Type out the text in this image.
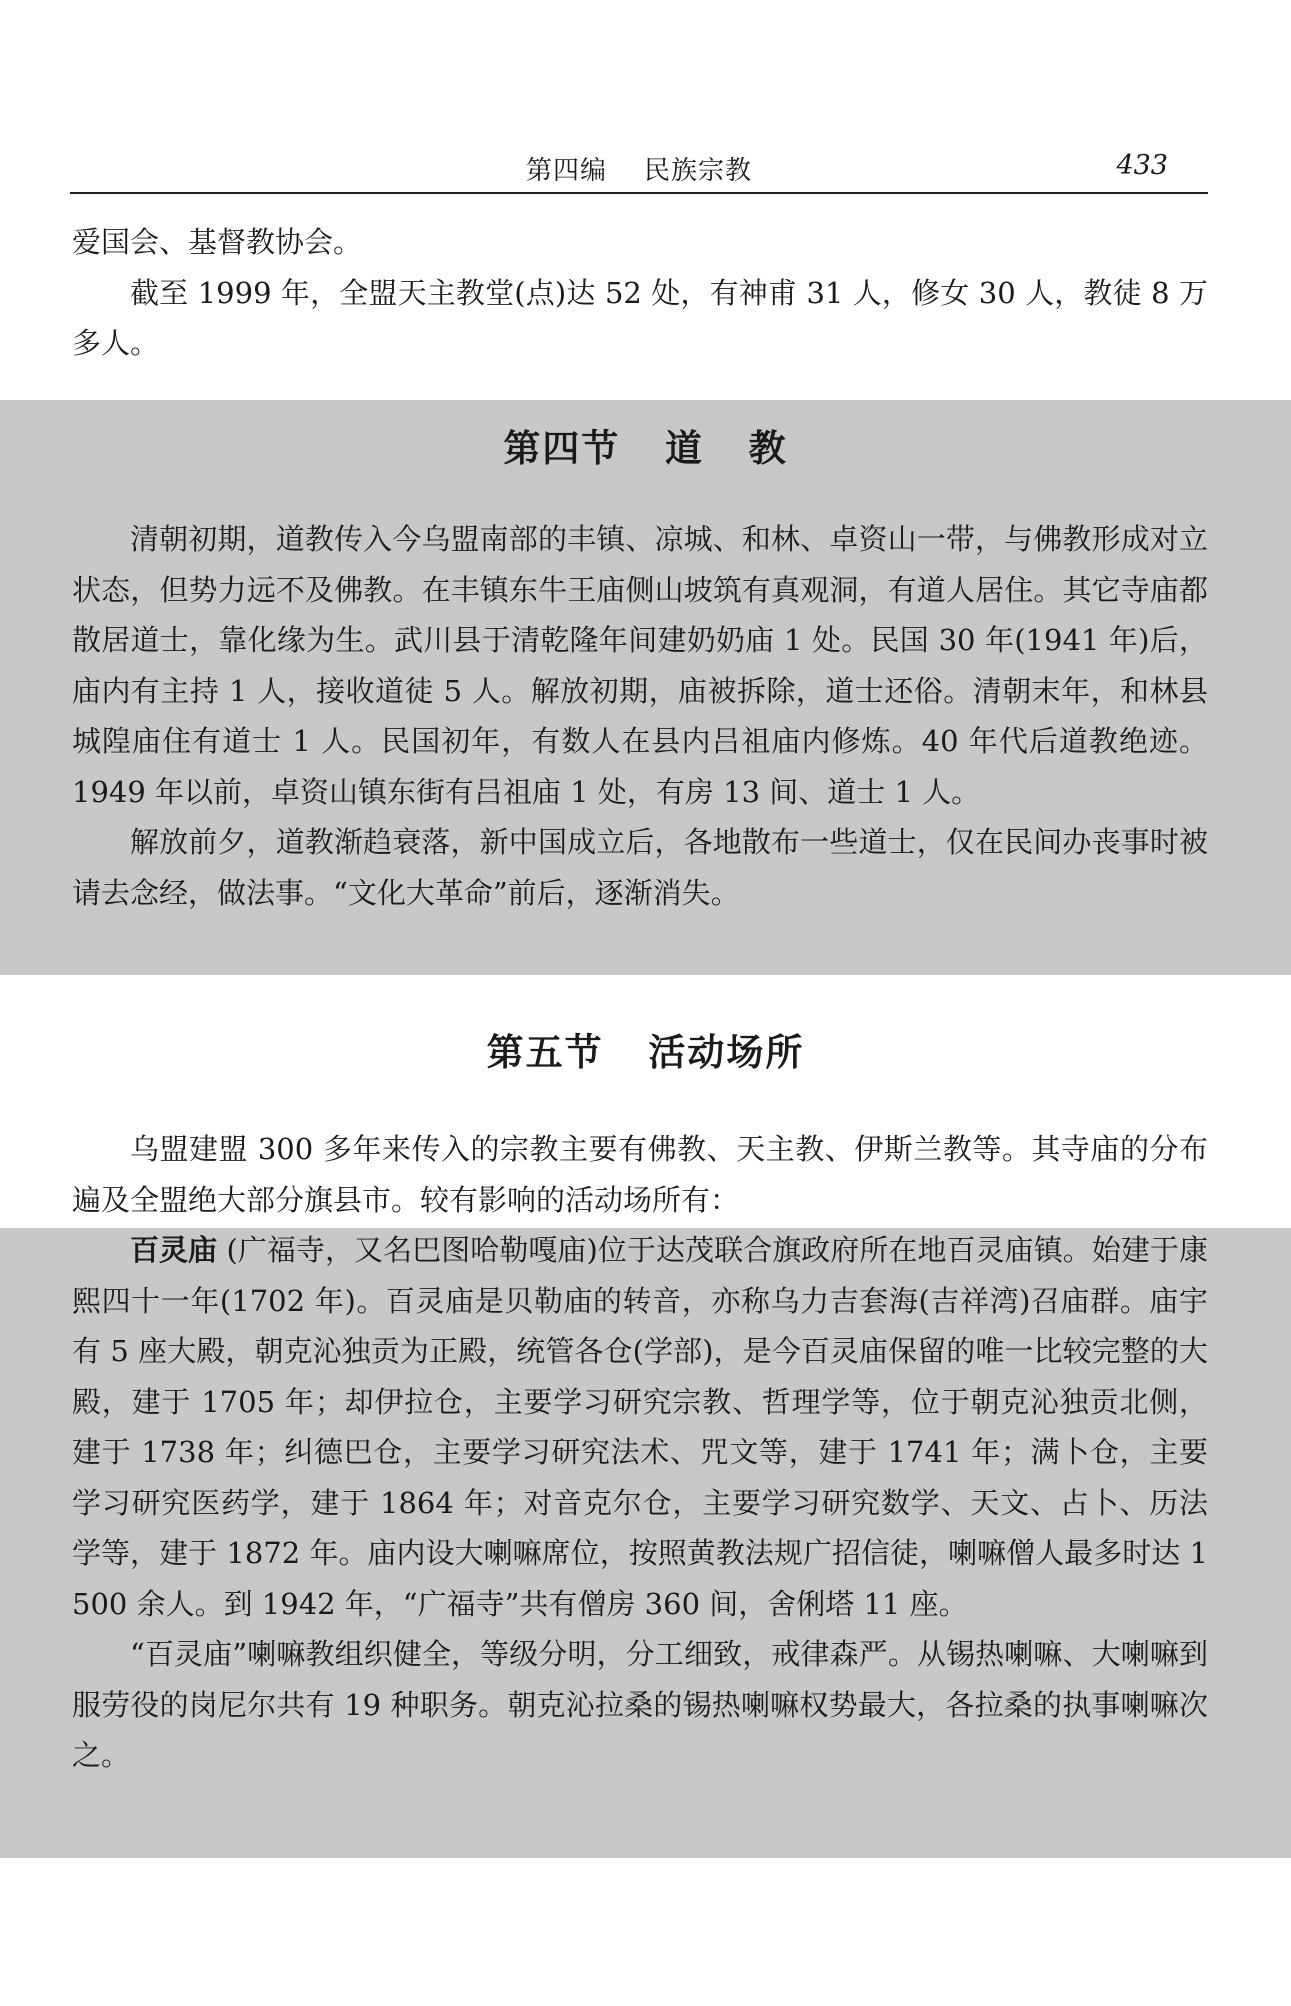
第四编    民族宗教	433

爱国会、基督教协会。

截至 1999 年，全盟天主教堂(点)达 52 处，有神甫 31 人，修女 30 人，教徒 8 万多人。

第四节   道   教

清朝初期，道教传入今乌盟南部的丰镇、凉城、和林、卓资山一带，与佛教形成对立状态，但势力远不及佛教。在丰镇东牛王庙侧山坡筑有真观洞，有道人居住。其它寺庙都散居道士，靠化缘为生。武川县于清乾隆年间建奶奶庙 1 处。民国 30 年(1941 年)后，庙内有主持 1 人，接收道徒 5 人。解放初期，庙被拆除，道士还俗。清朝末年，和林县城隍庙住有道士 1 人。民国初年，有数人在县内吕祖庙内修炼。40 年代后道教绝迹。1949 年以前，卓资山镇东街有吕祖庙 1 处，有房 13 间、道士 1 人。

解放前夕，道教渐趋衰落，新中国成立后，各地散布一些道士，仅在民间办丧事时被请去念经，做法事。“文化大革命”前后，逐渐消失。

第五节   活动场所

乌盟建盟 300 多年来传入的宗教主要有佛教、天主教、伊斯兰教等。其寺庙的分布遍及全盟绝大部分旗县市。较有影响的活动场所有：

百灵庙 (广福寺，又名巴图哈勒嘎庙)位于达茂联合旗政府所在地百灵庙镇。始建于康熙四十一年(1702 年)。百灵庙是贝勒庙的转音，亦称乌力吉套海(吉祥湾)召庙群。庙宇有 5 座大殿，朝克沁独贡为正殿，统管各仓(学部)，是今百灵庙保留的唯一比较完整的大殿，建于 1705 年；却伊拉仓，主要学习研究宗教、哲理学等，位于朝克沁独贡北侧，建于 1738 年；纠德巴仓，主要学习研究法术、咒文等，建于 1741 年；满卜仓，主要学习研究医药学，建于 1864 年；对音克尔仓，主要学习研究数学、天文、占卜、历法学等，建于 1872 年。庙内设大喇嘛席位，按照黄教法规广招信徒，喇嘛僧人最多时达 1 500 余人。到 1942 年，“广福寺”共有僧房 360 间，舍俐塔 11 座。

“百灵庙”喇嘛教组织健全，等级分明，分工细致，戒律森严。从锡热喇嘛、大喇嘛到服劳役的岗尼尔共有 19 种职务。朝克沁拉桑的锡热喇嘛权势最大，各拉桑的执事喇嘛次之。
